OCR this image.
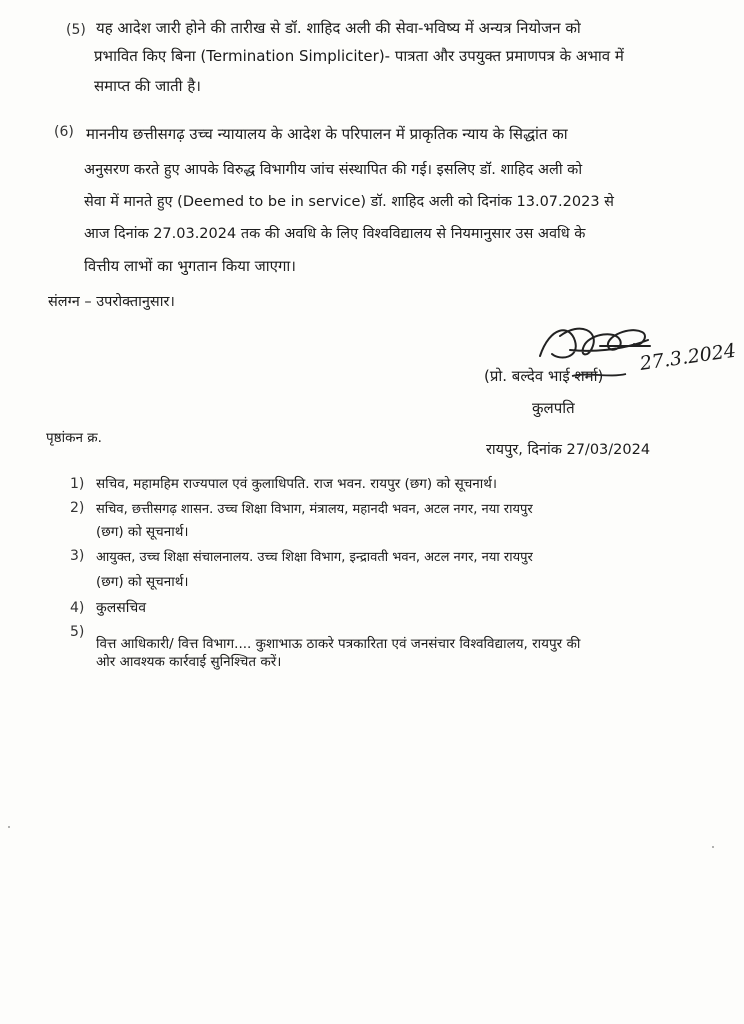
(5) यह आदेश जारी होने की तारीख से डॉ. शाहिद अली की सेवा-भविष्य में अन्यत्र नियोजन को
प्रभावित किए बिना (Termination Simpliciter)- पात्रता और उपयुक्त प्रमाणपत्र के अभाव में
समाप्त की जाती है।
(6) माननीय छत्तीसगढ़ उच्च न्यायालय के आदेश के परिपालन में प्राकृतिक न्याय के सिद्धांत का
अनुसरण करते हुए आपके विरुद्ध विभागीय जांच संस्थापित की गई। इसलिए डॉ. शाहिद अली को
सेवा में मानते हुए (Deemed to be in service) डॉ. शाहिद अली को दिनांक 13.07.2023 से
आज दिनांक 27.03.2024 तक की अवधि के लिए विश्वविद्यालय से नियमानुसार उस अवधि के
वित्तीय लाभों का भुगतान किया जाएगा।
संलग्न – उपरोक्तानुसार।
(प्रो. बल्देव भाई शर्मा)
27.3.2024
कुलपति
पृष्ठांकन क्र.
रायपुर, दिनांक 27/03/2024
1) सचिव, महामहिम राज्यपाल एवं कुलाधिपति. राज भवन. रायपुर (छग) को सूचनार्थ।
2) सचिव, छत्तीसगढ़ शासन. उच्च शिक्षा विभाग, मंत्रालय, महानदी भवन, अटल नगर, नया रायपुर
(छग) को सूचनार्थ।
3) आयुक्त, उच्च शिक्षा संचालनालय. उच्च शिक्षा विभाग, इन्द्रावती भवन, अटल नगर, नया रायपुर
(छग) को सूचनार्थ।
4) कुलसचिव
5)
वित्त आधिकारी/ वित्त विभाग.... कुशाभाऊ ठाकरे पत्रकारिता एवं जनसंचार विश्वविद्यालय, रायपुर की
ओर आवश्यक कार्रवाई सुनिश्चित करें।
